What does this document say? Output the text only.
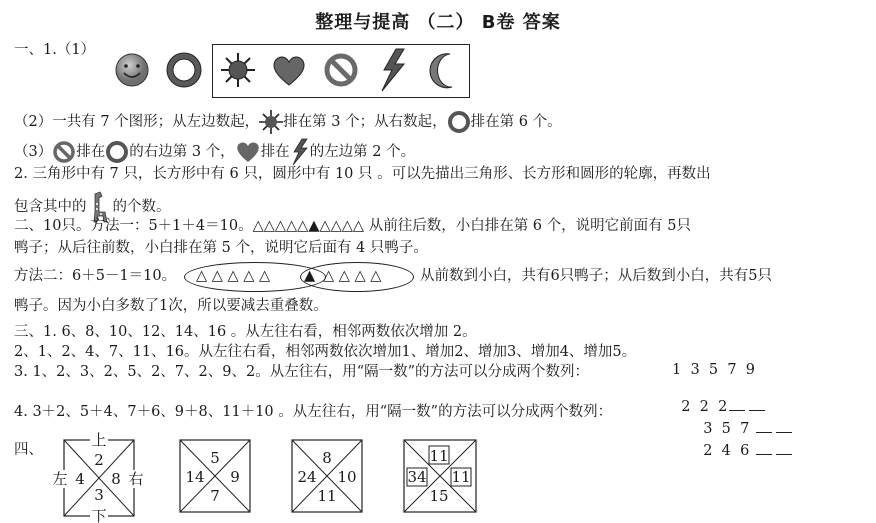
整理与提高 （二） B卷 答案
一、1.（1）
（2）一共有 7 个图形；从左边数起， 排在第 3 个；从右数起， 排在第 6 个。
（3） 排在 的右边第 3 个， 排在 的左边第 2 个。
2. 三角形中有 7 只，长方形中有 6 只，圆形中有 10 只 。可以先描出三角形、长方形和圆形的轮廓，再数出
包含其中的 的个数。
二、10只。方法一：5＋1＋4＝10。△△△△△▲△△△△ 从前往后数，小白排在第 6 个，说明它前面有 5只
鸭子；从后往前数，小白排在第 5 个，说明它后面有 4 只鸭子。
方法二：6＋5－1＝10。 △ △ △ △ △ ▲ △ △ △ △	从前数到小白，共有6只鸭子；从后数到小白，共有5只
鸭子。因为小白多数了1次，所以要减去重叠数。
三、1. 6、8、10、12、14、16 。从左往右看，相邻两数依次增加 2。
2、1、2、4、7、11、16。从左往右看，相邻两数依次增加1、增加2、增加3、增加4、增加5。
3. 1、2、3、2、5、2、7、2、9、2。从左往右，用“隔一数”的方法可以分成两个数列：	1  3  5  7  9

2  2  2

4. 3＋2、5＋4、7＋6、9＋8、11＋10 。从左往右，用“隔一数”的方法可以分成两个数列：

3  5  7

2  4  6

四、
上
2
3
下
左 4 8 右
5
7
14 9
8
11
24 10
11
15
34 11
